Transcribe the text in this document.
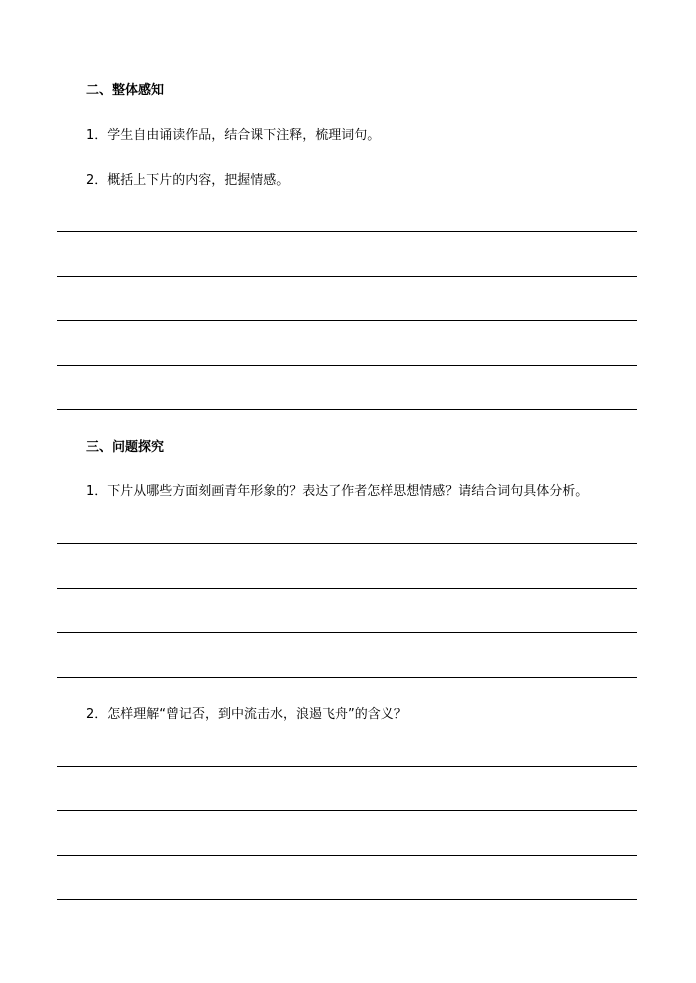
二、整体感知
1．学生自由诵读作品，结合课下注释，梳理词句。
2．概括上下片的内容，把握情感。
三、问题探究
1．下片从哪些方面刻画青年形象的？表达了作者怎样思想情感？请结合词句具体分析。
2．怎样理解“曾记否，到中流击水，浪遏飞舟”的含义？
